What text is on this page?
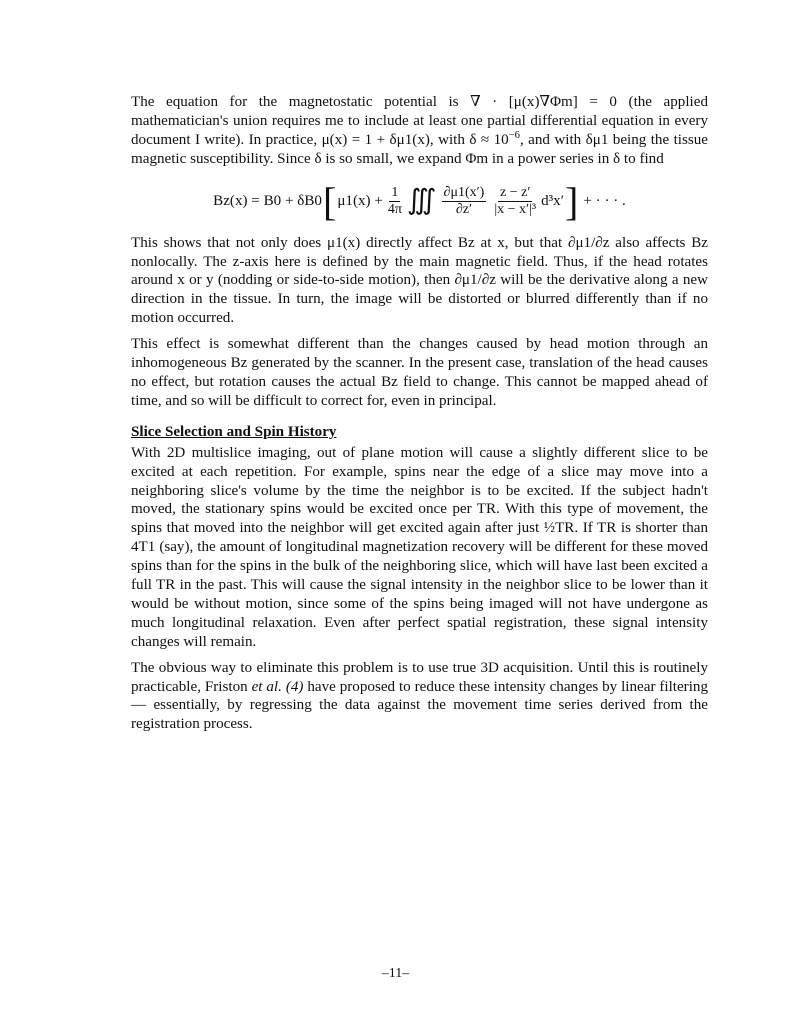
The equation for the magnetostatic potential is ∇ · [μ(x)∇Φm] = 0 (the applied mathematician's union requires me to include at least one partial differential equation in every document I write). In practice, μ(x) = 1 + δμ1(x), with $\delta \approx 10^{-6}$, and with δμ1 being the tissue magnetic susceptibility. Since δ is so small, we expand Φm in a power series in δ to find

Bz(x) = B0 + δB0 [ $\mu 1(x) + \frac{1}{4\pi}$ ∭ $\frac{\partial\mu 1(x')}{\partial z'} \frac{z - z'}{\text{|x − x′|³}} d^3x'$ ] + · · · .

This shows that not only does μ1(x) directly affect Bz at x, but that ∂μ1/∂z also affects Bz nonlocally. The z-axis here is defined by the main magnetic field. Thus, if the head rotates around x or y (nodding or side-to-side motion), then ∂μ1/∂z will be the derivative along a new direction in the tissue. In turn, the image will be distorted or blurred differently than if no motion occurred.

This effect is somewhat different than the changes caused by head motion through an inhomogeneous Bz generated by the scanner. In the present case, translation of the head causes no effect, but rotation causes the actual Bz field to change. This cannot be mapped ahead of time, and so will be difficult to correct for, even in principal.

Slice Selection and Spin History

With 2D multislice imaging, out of plane motion will cause a slightly different slice to be excited at each repetition. For example, spins near the edge of a slice may move into a neighboring slice's volume by the time the neighbor is to be excited. If the subject hadn't moved, the stationary spins would be excited once per TR. With this type of movement, the spins that moved into the neighbor will get excited again after just ½TR. If TR is shorter than 4T1 (say), the amount of longitudinal magnetization recovery will be different for these moved spins than for the spins in the bulk of the neighboring slice, which will have last been excited a full TR in the past. This will cause the signal intensity in the neighbor slice to be lower than it would be without motion, since some of the spins being imaged will not have undergone as much longitudinal relaxation. Even after perfect spatial registration, these signal intensity changes will remain.

The obvious way to eliminate this problem is to use true 3D acquisition. Until this is routinely practicable, Friston et al. (4) have proposed to reduce these intensity changes by linear filtering — essentially, by regressing the data against the movement time series derived from the registration process.

–11–
